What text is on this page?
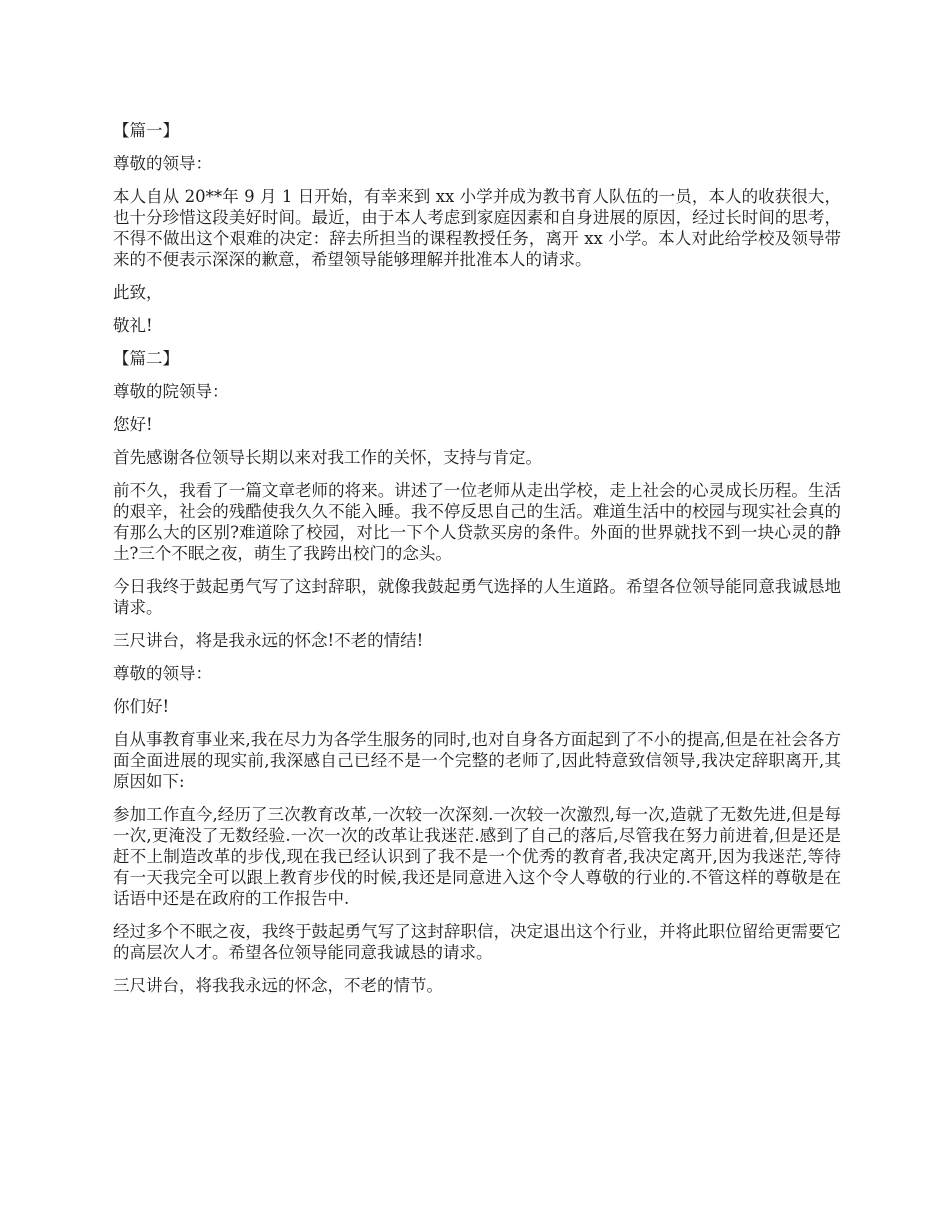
【篇一】

尊敬的领导：

本人自从 20**年 9 月 1 日开始，有幸来到 xx 小学并成为教书育人队伍的一员，本人的收获很大，也十分珍惜这段美好时间。最近，由于本人考虑到家庭因素和自身进展的原因，经过长时间的思考，不得不做出这个艰难的决定：辞去所担当的课程教授任务，离开 xx 小学。本人对此给学校及领导带来的不便表示深深的歉意，希望领导能够理解并批准本人的请求。

此致，

敬礼!

【篇二】

尊敬的院领导：

您好!

首先感谢各位领导长期以来对我工作的关怀，支持与肯定。

前不久，我看了一篇文章老师的将来。讲述了一位老师从走出学校，走上社会的心灵成长历程。生活的艰辛，社会的残酷使我久久不能入睡。我不停反思自己的生活。难道生活中的校园与现实社会真的有那么大的区别?难道除了校园，对比一下个人贷款买房的条件。外面的世界就找不到一块心灵的静土?三个不眠之夜，萌生了我跨出校门的念头。

今日我终于鼓起勇气写了这封辞职，就像我鼓起勇气选择的人生道路。希望各位领导能同意我诚恳地请求。

三尺讲台，将是我永远的怀念!不老的情结!

尊敬的领导：

你们好!

自从事教育事业来,我在尽力为各学生服务的同时,也对自身各方面起到了不小的提高,但是在社会各方面全面进展的现实前,我深感自己已经不是一个完整的老师了,因此特意致信领导,我决定辞职离开,其原因如下:

参加工作直今,经历了三次教育改革,一次较一次深刻.一次较一次激烈,每一次,造就了无数先进,但是每一次,更淹没了无数经验.一次一次的改革让我迷茫.感到了自己的落后,尽管我在努力前进着,但是还是赶不上制造改革的步伐,现在我已经认识到了我不是一个优秀的教育者,我决定离开,因为我迷茫,等待有一天我完全可以跟上教育步伐的时候,我还是同意进入这个令人尊敬的行业的.不管这样的尊敬是在话语中还是在政府的工作报告中.

经过多个不眠之夜，我终于鼓起勇气写了这封辞职信，决定退出这个行业，并将此职位留给更需要它的高层次人才。希望各位领导能同意我诚恳的请求。

三尺讲台，将我我永远的怀念，不老的情节。
